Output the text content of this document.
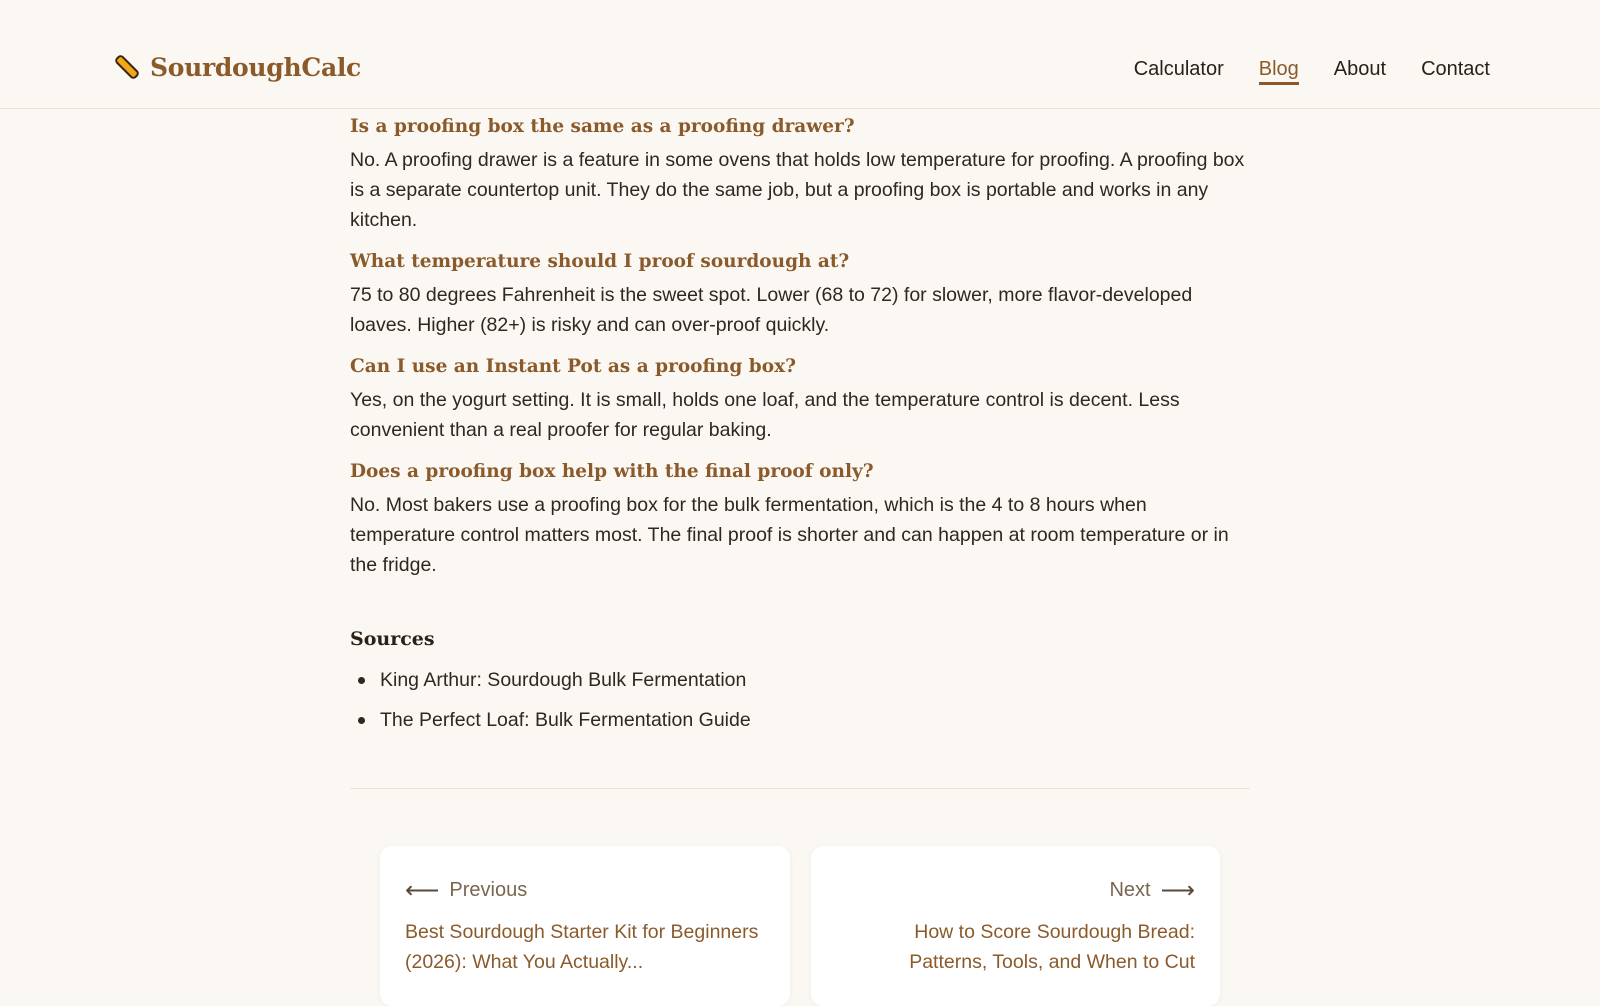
SourdoughCalc	Calculator Blog About Contact
Is a proofing box the same as a proofing drawer?

No. A proofing drawer is a feature in some ovens that holds low temperature for proofing. A proofing box is a separate countertop unit. They do the same job, but a proofing box is portable and works in any kitchen.

What temperature should I proof sourdough at?

75 to 80 degrees Fahrenheit is the sweet spot. Lower (68 to 72) for slower, more flavor-developed loaves. Higher (82+) is risky and can over-proof quickly.

Can I use an Instant Pot as a proofing box?

Yes, on the yogurt setting. It is small, holds one loaf, and the temperature control is decent. Less convenient than a real proofer for regular baking.

Does a proofing box help with the final proof only?

No. Most bakers use a proofing box for the bulk fermentation, which is the 4 to 8 hours when temperature control matters most. The final proof is shorter and can happen at room temperature or in the fridge.

Sources
King Arthur: Sourdough Bulk Fermentation
The Perfect Loaf: Bulk Fermentation Guide
⟵ Previous
Best Sourdough Starter Kit for Beginners (2026): What You Actually...
Next ⟶
How to Score Sourdough Bread: Patterns, Tools, and When to Cut
